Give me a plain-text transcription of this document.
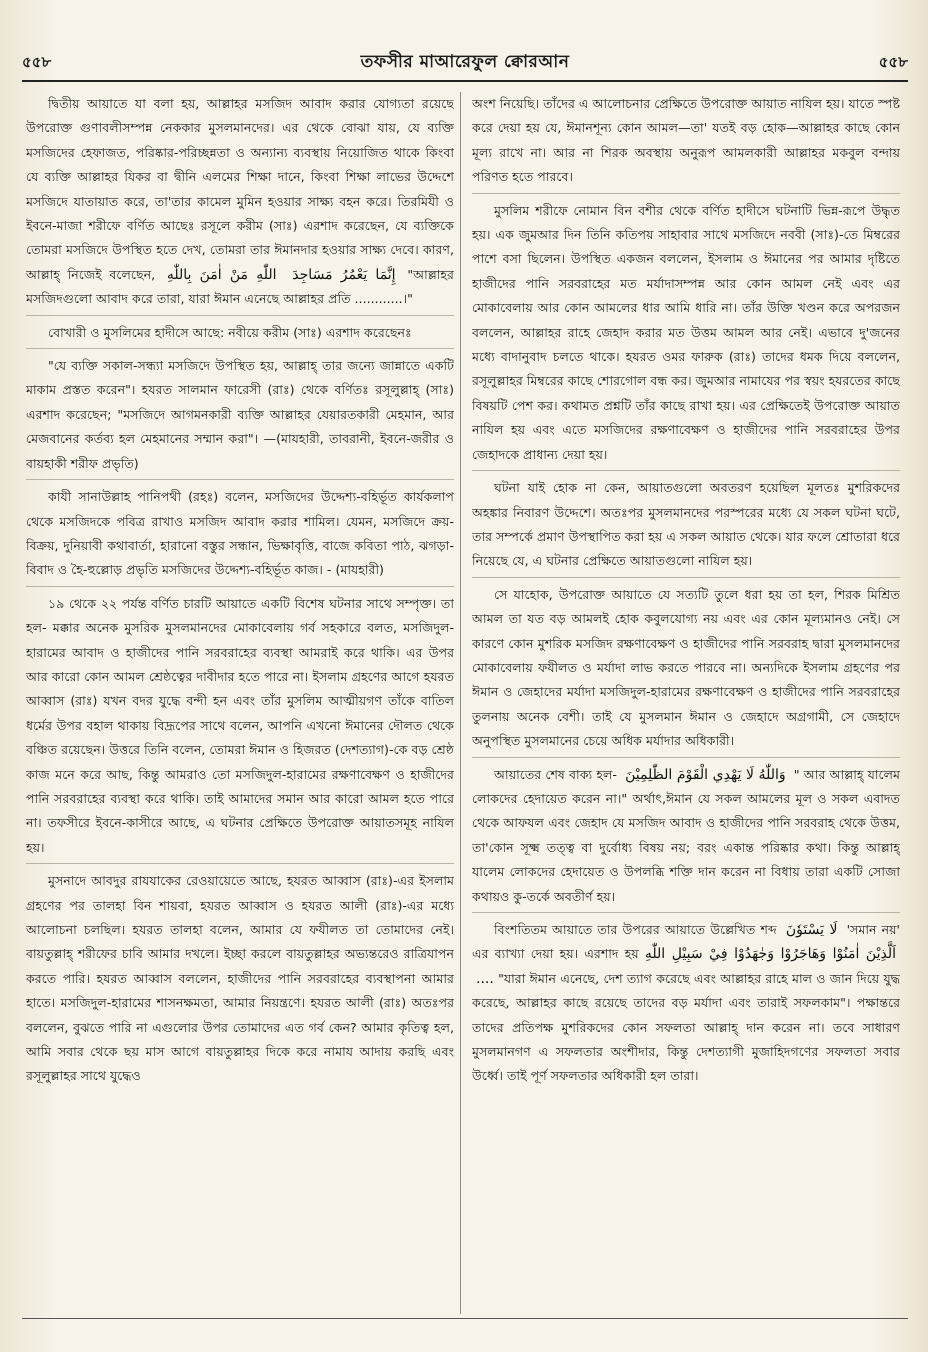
৫৫৮	তফসীর মাআরেফুল ক্বোরআন	৫৫৮

দ্বিতীয় আয়াতে যা বলা হয়, আল্লাহর মসজিদ আবাদ করার যোগ্যতা রয়েছে উপরোক্ত গুণাবলীসম্পন্ন নেককার মুসলমানদের। এর থেকে বোঝা যায়, যে ব্যক্তি মসজিদের হেফাজত, পরিষ্কার-পরিচ্ছন্নতা ও অন্যান্য ব্যবস্থায় নিয়োজিত থাকে কিংবা যে ব্যক্তি আল্লাহর যিকর বা দ্বীনি এলমের শিক্ষা দানে, কিংবা শিক্ষা লাভের উদ্দেশে মসজিদে যাতায়াত করে, তা'তার কামেল মুমিন হওয়ার সাক্ষ্য বহন করে। তিরমিযী ও ইবনে-মাজা শরীফে বর্ণিত আছেঃ রসূলে করীম (সাঃ) এরশাদ করেছেন, যে ব্যক্তিকে তোমরা মসজিদে উপস্থিত হতে দেখ, তোমরা তার ঈমানদার হওয়ার সাক্ষ্য দেবে। কারণ, আল্লাহ্ নিজেই বলেছেন,	إِنَّمَا يَعْمُرُ مَسَاجِدَ اللّٰهِ مَنْ اٰمَنَ بِاللّٰهِ	"আল্লাহর মসজিদগুলো আবাদ করে তারা, যারা ঈমান এনেছে আল্লাহর প্রতি ............।"

বোখারী ও মুসলিমের হাদীসে আছে: নবীয়ে করীম (সাঃ) এরশাদ করেছেনঃ

"যে ব্যক্তি সকাল-সন্ধ্যা মসজিদে উপস্থিত হয়, আল্লাহ্ তার জন্যে জান্নাতে একটি মাকাম প্রস্তত করেন"। হযরত সালমান ফারেসী (রাঃ) থেকে বর্ণিতঃ রসূলুল্লাহ্ (সাঃ) এরশাদ করেছেন; "মসজিদে আগমনকারী ব্যক্তি আল্লাহর যেয়ারতকারী মেহমান, আর মেজবানের কর্তব্য হল মেহমানের সম্মান করা"। —(মাযহারী, তাবরানী, ইবনে-জরীর ও বায়হাকী শরীফ প্রভৃতি)

কাযী সানাউল্লাহ পানিপথী (রহঃ) বলেন, মসজিদের উদ্দেশ্য-বহির্ভূত কার্যকলাপ থেকে মসজিদকে পবিত্র রাখাও মসজিদ আবাদ করার শামিল। যেমন, মসজিদে ক্রয়-বিক্রয়, দুনিয়াবী কথাবার্তা, হারানো বস্তুর সন্ধান, ভিক্ষাবৃত্তি, বাজে কবিতা পাঠ, ঝগড়া-বিবাদ ও হৈ-হুল্লোড় প্রভৃতি মসজিদের উদ্দেশ্য-বহির্ভূত কাজ। - (মাযহারী)

১৯ থেকে ২২ পর্যন্ত বর্ণিত চারটি আয়াতে একটি বিশেষ ঘটনার সাথে সম্পৃক্ত। তা হল- মক্কার অনেক মুসরিক মুসলমানদের মোকাবেলায় গর্ব সহকারে বলত, মসজিদুল-হারামের আবাদ ও হাজীদের পানি সরবরাহের ব্যবস্থা আমরাই করে থাকি। এর উপর আর কারো কোন আমল শ্রেষ্ঠত্বের দাবীদার হতে পারে না। ইসলাম গ্রহণের আগে হযরত আব্বাস (রাঃ) যখন বদর যুদ্ধে বন্দী হন এবং তাঁর মুসলিম আত্মীয়গণ তাঁকে বাতিল ধর্মের উপর বহাল থাকায় বিদ্রূপের সাথে বলেন, আপনি এখনো ঈমানের দৌলত থেকে বঞ্চিত রয়েছেন। উত্তরে তিনি বলেন, তোমরা ঈমান ও হিজরত (দেশত্যাগ)-কে বড় শ্রেষ্ঠ কাজ মনে করে আছ, কিন্তু আমরাও তো মসজিদুল-হারামের রক্ষণাবেক্ষণ ও হাজীদের পানি সরবরাহের ব্যবস্থা করে থাকি। তাই আমাদের সমান আর কারো আমল হতে পারে না। তফসীরে ইবনে-কাসীরে আছে, এ ঘটনার প্রেক্ষিতে উপরোক্ত আয়াতসমূহ নাযিল হয়।

মুসনাদে আবদুর রাযযাকের রেওয়ায়েতে আছে, হযরত আব্বাস (রাঃ)-এর ইসলাম গ্রহণের পর তালহা বিন শায়বা, হযরত আব্বাস ও হযরত আলী (রাঃ)-এর মধ্যে আলোচনা চলছিল। হযরত তালহা বলেন, আমার যে ফযীলত তা তোমাদের নেই। বায়তুল্লাহ্ শরীফের চাবি আমার দখলে। ইচ্ছা করলে বায়তুল্লাহর অভ্যন্তরেও রাত্রিযাপন করতে পারি। হযরত আব্বাস বললেন, হাজীদের পানি সরবরাহের ব্যবস্থাপনা আমার হাতে। মসজিদুল-হারামের শাসনক্ষমতা, আমার নিয়ন্ত্রণে। হযরত আলী (রাঃ) অতঃপর বললেন, বুঝতে পারি না এগুলোর উপর তোমাদের এত গর্ব কেন? আমার কৃতিত্ব হল, আমি সবার থেকে ছয় মাস আগে বায়তুল্লাহর দিকে করে নামায আদায় করছি এবং রসূলুল্লাহর সাথে যুদ্ধেও

অংশ নিয়েছি। তাঁদের এ আলোচনার প্রেক্ষিতে উপরোক্ত আয়াত নাযিল হয়। যাতে স্পষ্ট করে দেয়া হয় যে, ঈমানশূন্য কোন আমল—তা' যতই বড় হোক—আল্লাহর কাছে কোন মূল্য রাখে না। আর না শিরক অবস্থায় অনুরূপ আমলকারী আল্লাহর মকবুল বন্দায় পরিণত হতে পারবে।

মুসলিম শরীফে নোমান বিন বশীর থেকে বর্ণিত হাদীসে ঘটনাটি ভিন্ন-রূপে উদ্ধৃত হয়। এক জুমআর দিন তিনি কতিপয় সাহাবার সাথে মসজিদে নববী (সাঃ)-তে মিম্বরের পাশে বসা ছিলেন। উপস্থিত একজন বললেন, ইসলাম ও ঈমানের পর আমার দৃষ্টিতে হাজীদের পানি সরবরাহের মত মর্যাদাসম্পন্ন আর কোন আমল নেই এবং এর মোকাবেলায় আর কোন আমলের ধার আমি ধারি না। তাঁর উক্তি খণ্ডন করে অপরজন বললেন, আল্লাহর রাহে জেহাদ করার মত উত্তম আমল আর নেই। এভাবে দু'জনের মধ্যে বাদানুবাদ চলতে থাকে। হযরত ওমর ফারুক (রাঃ) তাদের ধমক দিয়ে বললেন, রসূলুল্লাহর মিম্বরের কাছে শোরগোল বন্ধ কর। জুমআর নামাযের পর স্বয়ং হযরতের কাছে বিষয়টি পেশ কর। কথামত প্রশ্নটি তাঁর কাছে রাখা হয়। এর প্রেক্ষিতেই উপরোক্ত আয়াত নাযিল হয় এবং এতে মসজিদের রক্ষণাবেক্ষণ ও হাজীদের পানি সরবরাহের উপর জেহাদকে প্রাধান্য দেয়া হয়।

ঘটনা যাই হোক না কেন, আয়াতগুলো অবতরণ হয়েছিল মূলতঃ মুশরিকদের অহঙ্কার নিবারণ উদ্দেশে। অতঃপর মুসলমানদের পরস্পরের মধ্যে যে সকল ঘটনা ঘটে, তার সম্পর্কে প্রমাণ উপস্থাপিত করা হয় এ সকল আয়াত থেকে। যার ফলে শ্রোতারা ধরে নিয়েছে যে, এ ঘটনার প্রেক্ষিতে আয়াতগুলো নাযিল হয়।

সে যাহোক, উপরোক্ত আয়াতে যে সত্যটি তুলে ধরা হয় তা হল, শিরক মিশ্রিত আমল তা যত বড় আমলই হোক কবুলযোগ্য নয় এবং এর কোন মূল্যমানও নেই। সে কারণে কোন মুশরিক মসজিদ রক্ষণাবেক্ষণ ও হাজীদের পানি সরবরাহ দ্বারা মুসলমানদের মোকাবেলায় ফযীলত ও মর্যাদা লাভ করতে পারবে না। অন্যদিকে ইসলাম গ্রহণের পর ঈমান ও জেহাদের মর্যাদা মসজিদুল-হারামের রক্ষণাবেক্ষণ ও হাজীদের পানি সরবরাহের তুলনায় অনেক বেশী। তাই যে মুসলমান ঈমান ও জেহাদে অগ্রগামী, সে জেহাদে অনুপস্থিত মুসলমানের চেয়ে অধিক মর্যাদার অধিকারী।

আয়াতের শেষ বাক্য হল- وَاللّٰهُ لَا يَهْدِي الْقَوْمَ الظّٰلِمِيْنَ " আর আল্লাহ্ যালেম লোকদের হেদায়েত করেন না।" অর্থাৎ,ঈমান যে সকল আমলের মূল ও সকল এবাদত থেকে আফযল এবং জেহাদ যে মসজিদ আবাদ ও হাজীদের পানি সরবরাহ থেকে উত্তম, তা'কোন সূক্ষ্ম তত্ত্ব বা দুর্বোধ্য বিষয় নয়; বরং একান্ত পরিষ্কার কথা। কিন্তু আল্লাহ্ যালেম লোকদের হেদায়েত ও উপলব্ধি শক্তি দান করেন না বিধায় তারা একটি সোজা কথায়ও কু-তর্কে অবতীর্ণ হয়।

বিংশতিতম আয়াতে তার উপরের আয়াতে উল্লেখিত শব্দ لَا يَسْتَوٗنَ 'সমান নয়' এর ব্যাখ্যা দেয়া হয়। এরশাদ হয় اَلَّذِيْنَ اٰمَنُوْا وَهَاجَرُوْا وَجٰهَدُوْا فِيْ سَبِيْلِ اللّٰهِ .... "যারা ঈমান এনেছে, দেশ ত্যাগ করেছে এবং আল্লাহর রাহে মাল ও জান দিয়ে যুদ্ধ করেছে, আল্লাহর কাছে রয়েছে তাদের বড় মর্যাদা এবং তারাই সফলকাম"। পক্ষান্তরে তাদের প্রতিপক্ষ মুশরিকদের কোন সফলতা আল্লাহ্ দান করেন না। তবে সাধারণ মুসলমানগণ এ সফলতার অংশীদার, কিন্তু দেশত্যাগী মুজাহিদগণের সফলতা সবার উর্ধ্বে। তাই পূর্ণ সফলতার অধিকারী হল তারা।
